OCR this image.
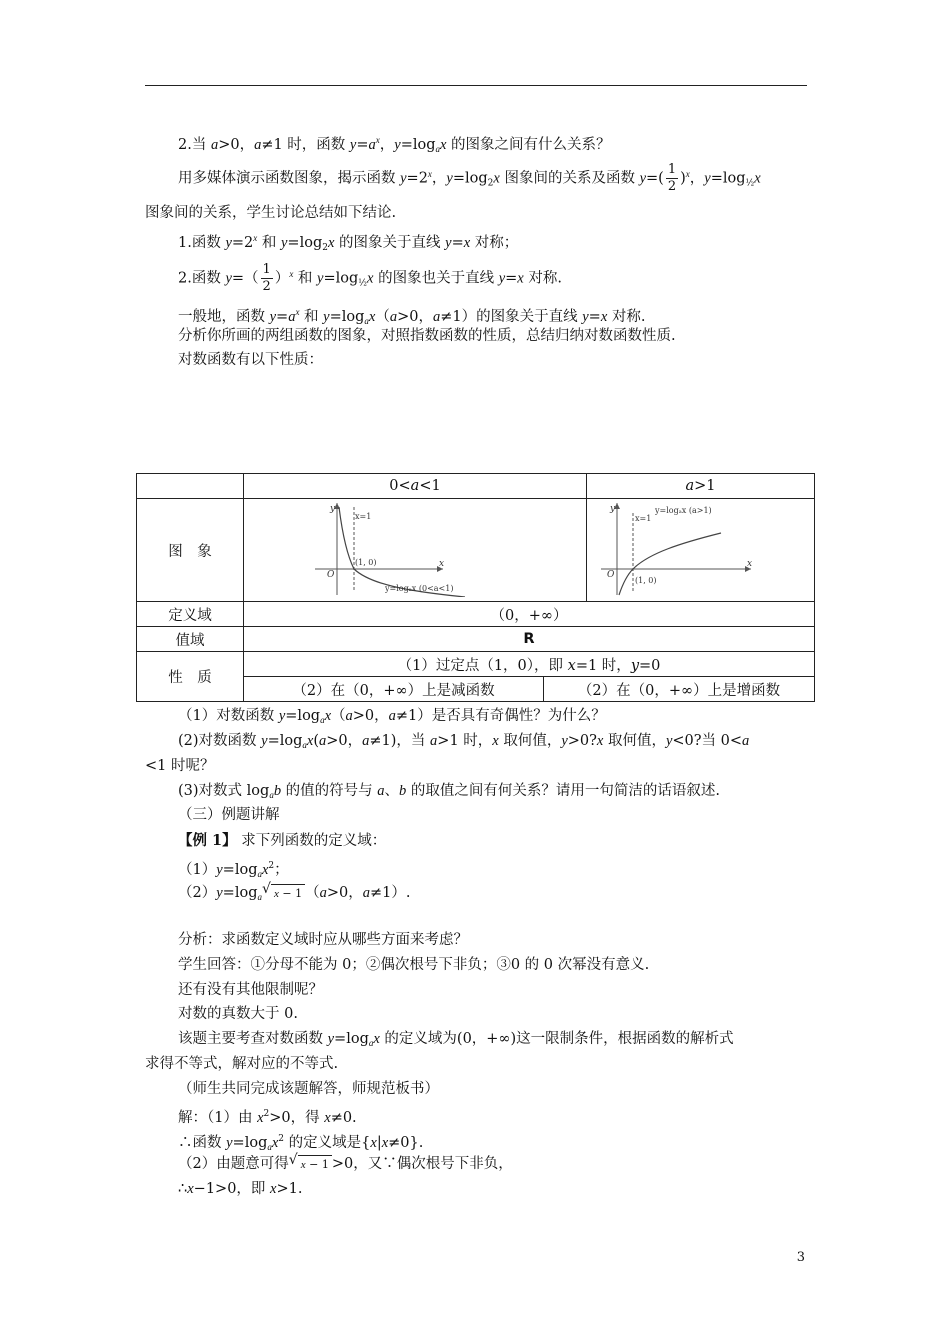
2.当 a>0，a≠1 时，函数 $y=a^x$，$y=\log_ax$ 的图象之间有什么关系？
用多媒体演示函数图象，揭示函数 $y=2^x$，$y=\log_2x$ 图象间的关系及函数 $y=( \frac{1}{2} )^x$，$y=\log_{\frac{1}{2}}x$
图象间的关系，学生讨论总结如下结论.
1.函数 $y=2^x$ 和 $y=\log_2x$ 的图象关于直线 y=x 对称；
2.函数 $y=( \frac{1}{2} )^x$ 和 $y=\log_{\frac{1}{2}}x$ 的图象也关于直线 y=x 对称.
一般地，函数 $y=a^x$ 和 $y=\log_ax(a>0$，a≠1）的图象关于直线 y=x 对称.
分析你所画的两组函数的图象，对照指数函数的性质，总结归纳对数函数性质.
对数函数有以下性质：
	0<a<1	a>1
图　象	
y
x
O
x=1
(1, 0)
y=logₐx (0<a<1)

y
x
O
x=1
(1, 0)
y=logₐx (a>1)

定义域	（0，+∞）
值域	R
性　质	
（1）过定点（1，0），即 x=1 时，y=0
（2）在（0，+∞）上是减函数	（2）在（0，+∞）上是增函数
（1）对数函数 $y=\log_ax(a>0$，a≠1）是否具有奇偶性？为什么？
(2)对数函数 $y=\log_ax(a>0$，a≠1)，当 a>1 时，x 取何值，y>0?x 取何值，y<0?当 0<a
<1 时呢？
(3)对数式 $\log_ab$ 的值的符号与 a、b 的取值之间有何关系？请用一句简洁的话语叙述.
（三）例题讲解
【例 1】 求下列函数的定义域：
$(1)y=\log_ax^2$；
$(2)y=\log_a√$ x − 1 （a>0，a≠1）.
分析：求函数定义域时应从哪些方面来考虑？
学生回答：①分母不能为 0；②偶次根号下非负；③0 的 0 次幂没有意义.
还有没有其他限制呢？
对数的真数大于 0.
该题主要考查对数函数 $y=\log_ax$ 的定义域为(0，+∞)这一限制条件，根据函数的解析式
求得不等式，解对应的不等式.
（师生共同完成该题解答，师规范板书）
解：（1）由 $x^2>0$，得 x≠0.
∴函数 $y=\log_ax^2$ 的定义域是{x|x≠0}.
（2）由题意可得√ x − 1 >0，又∵偶次根号下非负，
∴x−1>0，即 x>1.
3
